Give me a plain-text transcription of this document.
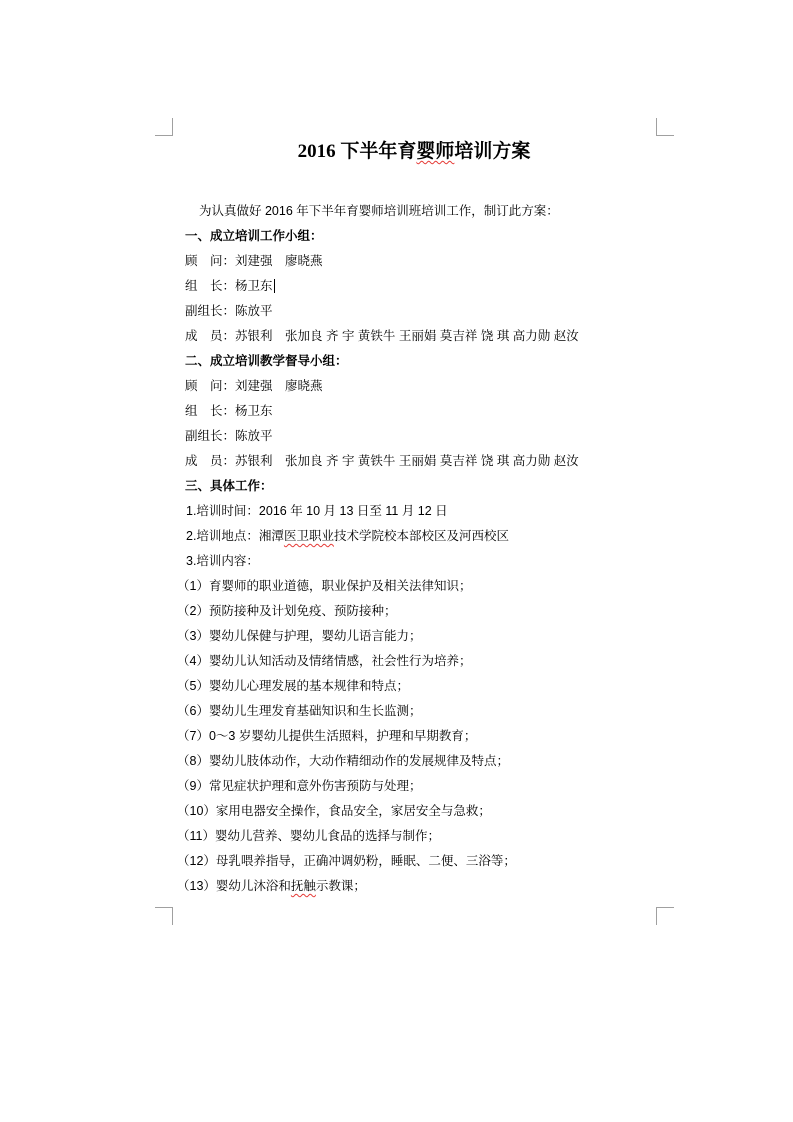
2016 下半年育婴师培训方案

为认真做好 2016 年下半年育婴师培训班培训工作，制订此方案：

一、成立培训工作小组：

顾　问：刘建强　廖晓燕

组　长：杨卫东

副组长：陈放平

成　员：苏银利　张加良 齐 宇 黄铁牛 王丽娟 莫吉祥 饶 琪 高力勋 赵汝

二、成立培训教学督导小组：

顾　问：刘建强　廖晓燕

组　长：杨卫东

副组长：陈放平

成　员：苏银利　张加良 齐 宇 黄铁牛 王丽娟 莫吉祥 饶 琪 高力勋 赵汝

三、具体工作：

1.培训时间：2016 年 10 月 13 日至 11 月 12 日

2.培训地点：湘潭医卫职业技术学院校本部校区及河西校区

3.培训内容：

（1）育婴师的职业道德，职业保护及相关法律知识；

（2）预防接种及计划免疫、预防接种；

（3）婴幼儿保健与护理，婴幼儿语言能力；

（4）婴幼儿认知活动及情绪情感，社会性行为培养；

（5）婴幼儿心理发展的基本规律和特点；

（6）婴幼儿生理发育基础知识和生长监测；

（7）0～3 岁婴幼儿提供生活照料，护理和早期教育；

（8）婴幼儿肢体动作，大动作精细动作的发展规律及特点；

（9）常见症状护理和意外伤害预防与处理；

（10）家用电器安全操作，食品安全，家居安全与急救；

（11）婴幼儿营养、婴幼儿食品的选择与制作；

（12）母乳喂养指导，正确冲调奶粉，睡眠、二便、三浴等；

（13）婴幼儿沐浴和抚触示教课；
